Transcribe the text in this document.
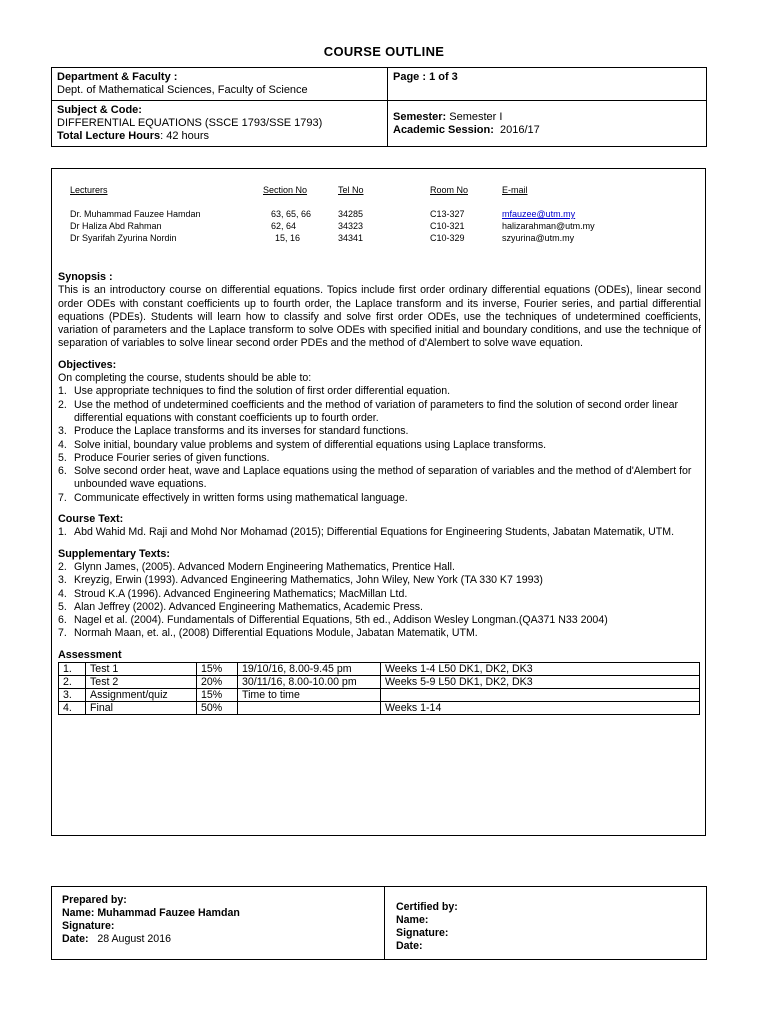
COURSE OUTLINE
Department & Faculty :
Dept. of Mathematical Sciences, Faculty of Science	Page : 1 of 3
Subject & Code:
DIFFERENTIAL EQUATIONS (SSCE 1793/SSE 1793)
Total Lecture Hours: 42 hours	Semester: Semester I
Academic Session: 2016/17
Lecturers	Section No	Tel No	Room No	E-mail
Dr. Muhammad Fauzee Hamdan	63, 65, 66	34285	C13-327	mfauzee@utm.my
Dr Haliza Abd Rahman	62, 64	34323	C10-321	halizarahman@utm.my
Dr Syarifah Zyurina Nordin	15, 16	34341	C10-329	szyurina@utm.my
Synopsis :

This is an introductory course on differential equations. Topics include first order ordinary differential equations (ODEs), linear second order ODEs with constant coefficients up to fourth order, the Laplace transform and its inverse, Fourier series, and partial differential equations (PDEs). Students will learn how to classify and solve first order ODEs, use the techniques of undetermined coefficients, variation of parameters and the Laplace transform to solve ODEs with specified initial and boundary conditions, and use the technique of separation of variables to solve linear second order PDEs and the method of d'Alembert to solve wave equation.

Objectives:
On completing the course, students should be able to:
1. Use appropriate techniques to find the solution of first order differential equation.
2. Use the method of undetermined coefficients and the method of variation of parameters to find the solution of second order linear differential equations with constant coefficients up to fourth order.
3. Produce the Laplace transforms and its inverses for standard functions.
4. Solve initial, boundary value problems and system of differential equations using Laplace transforms.
5. Produce Fourier series of given functions.
6. Solve second order heat, wave and Laplace equations using the method of separation of variables and the method of d'Alembert for unbounded wave equations.
7. Communicate effectively in written forms using mathematical language.
Course Text:
1. Abd Wahid Md. Raji and Mohd Nor Mohamad (2015); Differential Equations for Engineering Students, Jabatan Matematik, UTM.
Supplementary Texts:
2. Glynn James, (2005). Advanced Modern Engineering Mathematics, Prentice Hall.
3. Kreyzig, Erwin (1993). Advanced Engineering Mathematics, John Wiley, New York (TA 330 K7 1993)
4. Stroud K.A (1996). Advanced Engineering Mathematics; MacMillan Ltd.
5. Alan Jeffrey (2002). Advanced Engineering Mathematics, Academic Press.
6. Nagel et al. (2004). Fundamentals of Differential Equations, 5th ed., Addison Wesley Longman.(QA371 N33 2004)
7. Normah Maan, et. al., (2008) Differential Equations Module, Jabatan Matematik, UTM.
Assessment
1.	Test 1	15%	19/10/16, 8.00-9.45 pm	Weeks 1-4 L50 DK1, DK2, DK3
2.	Test 2	20%	30/11/16, 8.00-10.00 pm	Weeks 5-9 L50 DK1, DK2, DK3
3.	Assignment/quiz	15%	Time to time	
4.	Final	50%		Weeks 1-14
Prepared by:
Name: Muhammad Fauzee Hamdan
Signature:
Date: 28 August 2016	Certified by:
Name:
Signature:
Date:
